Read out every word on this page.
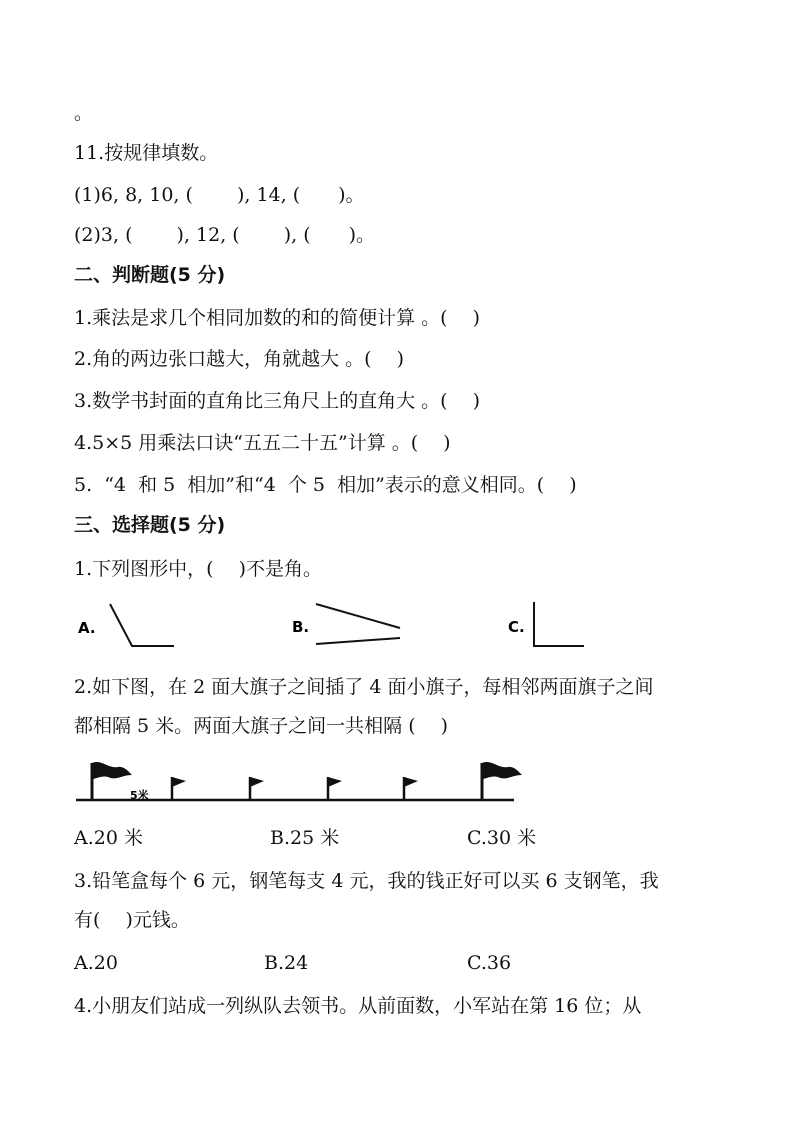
。
11.按规律填数。
(1)6, 8, 10, (　　 ), 14, (　　)。
(2)3, (　　 ), 12, (　　 ), (　　)。
二、判断题(5 分)
1.乘法是求几个相同加数的和的简便计算 。(　 )
2.角的两边张口越大，角就越大 。(　 )
3.数学书封面的直角比三角尺上的直角大 。(　 )
4.5×5 用乘法口诀“五五二十五”计算 。(　 )
5.  “4  和 5  相加”和“4  个 5  相加”表示的意义相同。(　 )
三、选择题(5 分)
1.下列图形中，(　 )不是角。
A.	B.	C.
2.如下图，在 2 面大旗子之间插了 4 面小旗子，每相邻两面旗子之间
都相隔 5 米。两面大旗子之间一共相隔 (　 )
5米
A.20 米	B.25 米	C.30 米
3.铅笔盒每个 6 元，钢笔每支 4 元，我的钱正好可以买 6 支钢笔，我
有(　 )元钱。
A.20	B.24	C.36
4.小朋友们站成一列纵队去领书。从前面数，小军站在第 16 位；从
